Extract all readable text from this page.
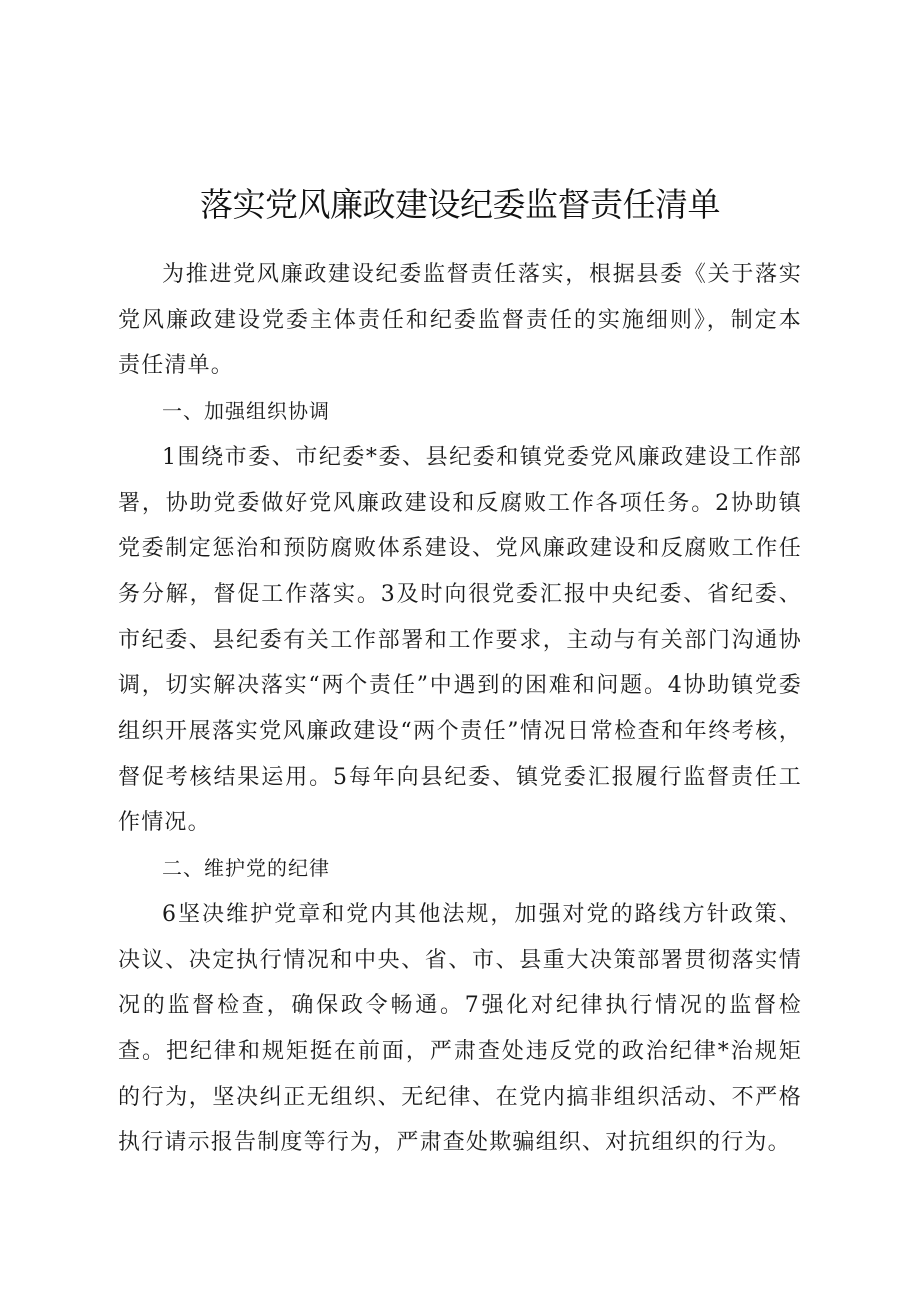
落实党风廉政建设纪委监督责任清单

为推进党风廉政建设纪委监督责任落实，根据县委《关于落实党风廉政建设党委主体责任和纪委监督责任的实施细则》，制定本责任清单。

一、加强组织协调

1围绕市委、市纪委*委、县纪委和镇党委党风廉政建设工作部署，协助党委做好党风廉政建设和反腐败工作各项任务。2协助镇党委制定惩治和预防腐败体系建设、党风廉政建设和反腐败工作任务分解，督促工作落实。3及时向很党委汇报中央纪委、省纪委、市纪委、县纪委有关工作部署和工作要求，主动与有关部门沟通协调，切实解决落实“两个责任”中遇到的困难和问题。4协助镇党委组织开展落实党风廉政建设“两个责任”情况日常检查和年终考核，督促考核结果运用。5每年向县纪委、镇党委汇报履行监督责任工作情况。

二、维护党的纪律

6坚决维护党章和党内其他法规，加强对党的路线方针政策、决议、决定执行情况和中央、省、市、县重大决策部署贯彻落实情况的监督检查，确保政令畅通。7强化对纪律执行情况的监督检查。把纪律和规矩挺在前面，严肃查处违反党的政治纪律*治规矩的行为，坚决纠正无组织、无纪律、在党内搞非组织活动、不严格执行请示报告制度等行为，严肃查处欺骗组织、对抗组织的行为。
